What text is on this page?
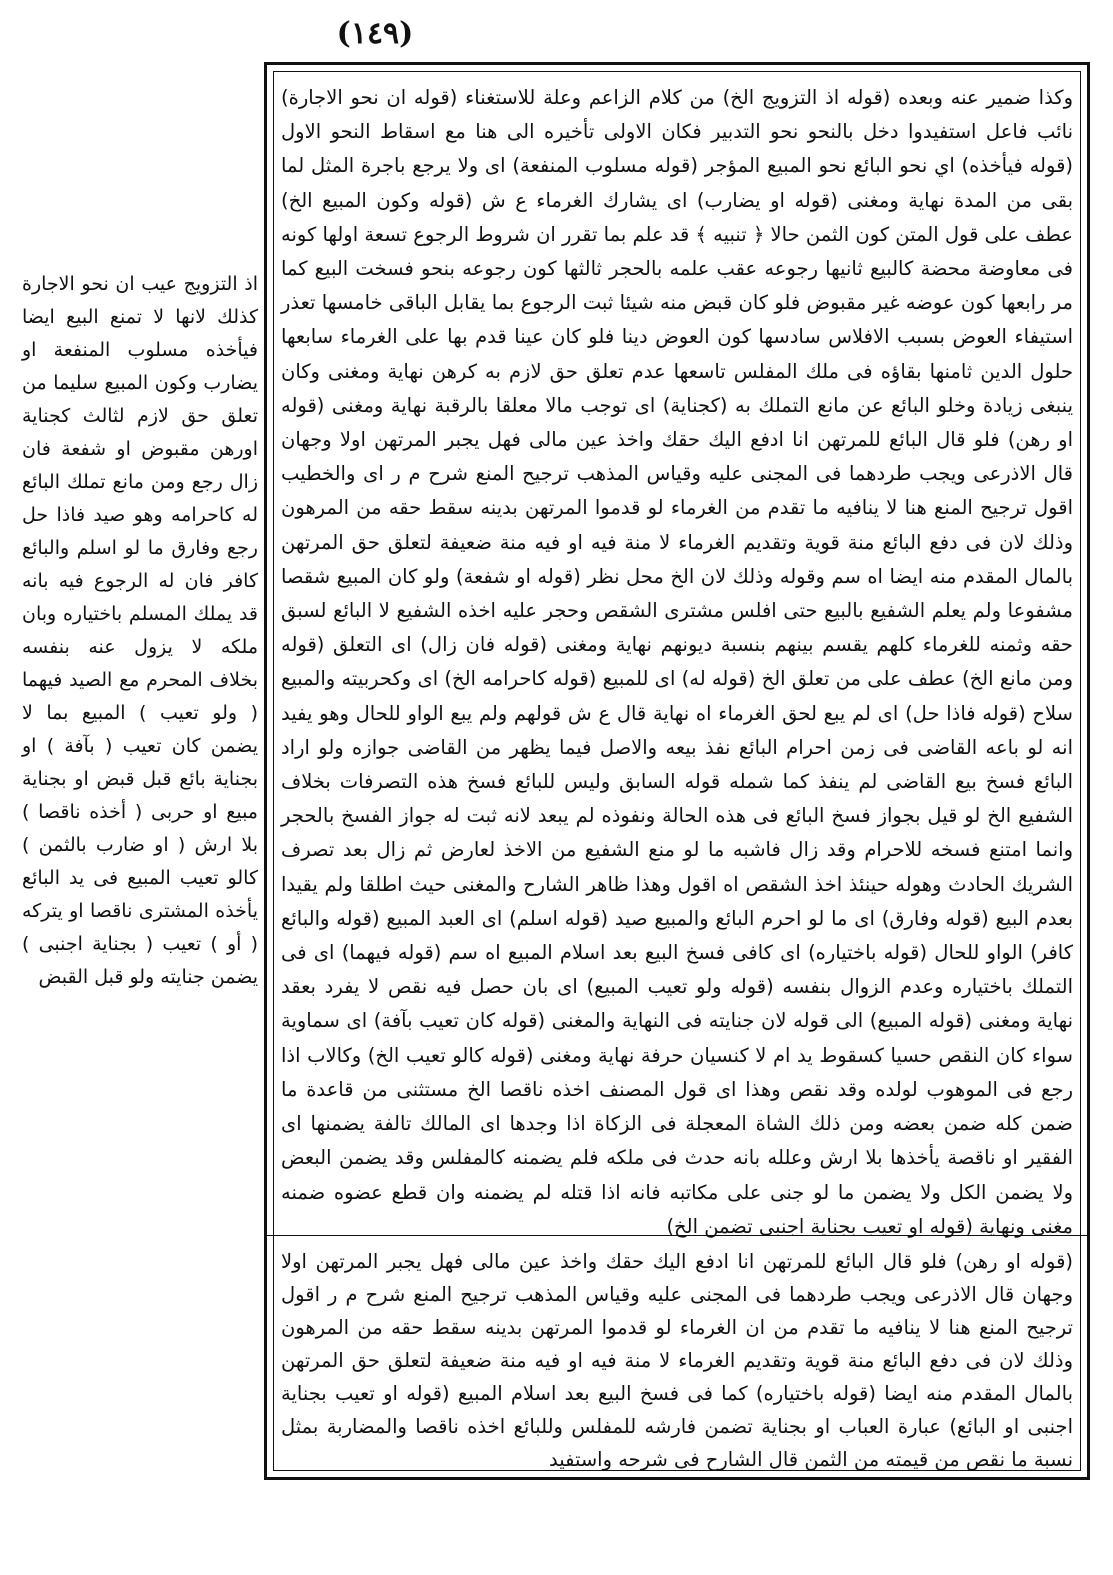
(١٤٩)

وكذا ضمير عنه وبعده (قوله اذ التزويج الخ) من كلام الزاعم وعلة للاستغناء (قوله ان نحو الاجارة) نائب فاعل استفيدوا دخل بالنحو نحو التدبير فكان الاولى تأخيره الى هنا مع اسقاط النحو الاول (قوله فيأخذه) اي نحو البائع نحو المبيع المؤجر (قوله مسلوب المنفعة) اى ولا يرجع باجرة المثل لما بقى من المدة نهاية ومغنى (قوله او يضارب) اى يشارك الغرماء ع ش (قوله وكون المبيع الخ) عطف على قول المتن كون الثمن حالا ﴿ تنبيه ﴾ قد علم بما تقرر ان شروط الرجوع تسعة اولها كونه فى معاوضة محضة كالبيع ثانيها رجوعه عقب علمه بالحجر ثالثها كون رجوعه بنحو فسخت البيع كما مر رابعها كون عوضه غير مقبوض فلو كان قبض منه شيئا ثبت الرجوع بما يقابل الباقى خامسها تعذر استيفاء العوض بسبب الافلاس سادسها كون العوض دينا فلو كان عينا قدم بها على الغرماء سابعها حلول الدين ثامنها بقاؤه فى ملك المفلس تاسعها عدم تعلق حق لازم به كرهن نهاية ومغنى وكان ينبغى زيادة وخلو البائع عن مانع التملك به (كجناية) اى توجب مالا معلقا بالرقبة نهاية ومغنى (قوله او رهن) فلو قال البائع للمرتهن انا ادفع اليك حقك واخذ عين مالى فهل يجبر المرتهن اولا وجهان قال الاذرعى ويجب طردهما فى المجنى عليه وقياس المذهب ترجيح المنع شرح م ر اى والخطيب اقول ترجيح المنع هنا لا ينافيه ما تقدم من الغرماء لو قدموا المرتهن بدينه سقط حقه من المرهون وذلك لان فى دفع البائع منة قوية وتقديم الغرماء لا منة فيه او فيه منة ضعيفة لتعلق حق المرتهن بالمال المقدم منه ايضا اه سم وقوله وذلك لان الخ محل نظر (قوله او شفعة) ولو كان المبيع شقصا مشفوعا ولم يعلم الشفيع بالبيع حتى افلس مشترى الشقص وحجر عليه اخذه الشفيع لا البائع لسبق حقه وثمنه للغرماء كلهم يقسم بينهم بنسبة ديونهم نهاية ومغنى (قوله فان زال) اى التعلق (قوله ومن مانع الخ) عطف على من تعلق الخ (قوله له) اى للمبيع (قوله كاحرامه الخ) اى وكحربيته والمبيع سلاح (قوله فاذا حل) اى لم يبع لحق الغرماء اه نهاية قال ع ش قولهم ولم يبع الواو للحال وهو يفيد انه لو باعه القاضى فى زمن احرام البائع نفذ بيعه والاصل فيما يظهر من القاضى جوازه ولو اراد البائع فسخ بيع القاضى لم ينفذ كما شمله قوله السابق وليس للبائع فسخ هذه التصرفات بخلاف الشفيع الخ لو قيل بجواز فسخ البائع فى هذه الحالة ونفوذه لم يبعد لانه ثبت له جواز الفسخ بالحجر وانما امتنع فسخه للاحرام وقد زال فاشبه ما لو منع الشفيع من الاخذ لعارض ثم زال بعد تصرف الشريك الحادث وهوله حينئذ اخذ الشقص اه اقول وهذا ظاهر الشارح والمغنى حيث اطلقا ولم يقيدا بعدم البيع (قوله وفارق) اى ما لو احرم البائع والمبيع صيد (قوله اسلم) اى العبد المبيع (قوله والبائع كافر) الواو للحال (قوله باختياره) اى كافى فسخ البيع بعد اسلام المبيع اه سم (قوله فيهما) اى فى التملك باختياره وعدم الزوال بنفسه (قوله ولو تعيب المبيع) اى بان حصل فيه نقص لا يفرد بعقد نهاية ومغنى (قوله المبيع) الى قوله لان جنايته فى النهاية والمغنى (قوله كان تعيب بآفة) اى سماوية سواء كان النقص حسيا كسقوط يد ام لا كنسيان حرفة نهاية ومغنى (قوله كالو تعيب الخ) وكالاب اذا رجع فى الموهوب لولده وقد نقص وهذا اى قول المصنف اخذه ناقصا الخ مستثنى من قاعدة ما ضمن كله ضمن بعضه ومن ذلك الشاة المعجلة فى الزكاة اذا وجدها اى المالك تالفة يضمنها اى الفقير او ناقصة يأخذها بلا ارش وعلله بانه حدث فى ملكه فلم يضمنه كالمفلس وقد يضمن البعض ولا يضمن الكل ولا يضمن ما لو جنى على مكاتبه فانه اذا قتله لم يضمنه وان قطع عضوه ضمنه مغنى ونهاية (قوله او تعيب بجناية اجنبى تضمن الخ)

(قوله او رهن) فلو قال البائع للمرتهن انا ادفع اليك حقك واخذ عين مالى فهل يجبر المرتهن اولا وجهان قال الاذرعى ويجب طردهما فى المجنى عليه وقياس المذهب ترجيح المنع شرح م ر اقول ترجيح المنع هنا لا ينافيه ما تقدم من ان الغرماء لو قدموا المرتهن بدينه سقط حقه من المرهون وذلك لان فى دفع البائع منة قوية وتقديم الغرماء لا منة فيه او فيه منة ضعيفة لتعلق حق المرتهن بالمال المقدم منه ايضا (قوله باختياره) كما فى فسخ البيع بعد اسلام المبيع (قوله او تعيب بجناية اجنبى او البائع) عبارة العباب او بجناية تضمن فارشه للمفلس وللبائع اخذه ناقصا والمضاربة بمثل نسبة ما نقص من قيمته من الثمن قال الشارح فى شرحه واستفيد

اذ التزويج عيب ان نحو الاجارة كذلك لانها لا تمنع البيع ايضا فيأخذه مسلوب المنفعة او يضارب وكون المبيع سليما من تعلق حق لازم لثالث كجناية اورهن مقبوض او شفعة فان زال رجع ومن مانع تملك البائع له كاحرامه وهو صيد فاذا حل رجع وفارق ما لو اسلم والبائع كافر فان له الرجوع فيه بانه قد يملك المسلم باختياره وبان ملكه لا يزول عنه بنفسه بخلاف المحرم مع الصيد فيهما ( ولو تعيب ) المبيع بما لا يضمن كان تعيب ( بآفة ) او بجناية بائع قبل قبض او بجناية مبيع او حربى ( أخذه ناقصا ) بلا ارش ( او ضارب بالثمن ) كالو تعيب المبيع فى يد البائع يأخذه المشترى ناقصا او يتركه ( أو ) تعيب ( بجناية اجنبى ) يضمن جنايته ولو قبل القبض
